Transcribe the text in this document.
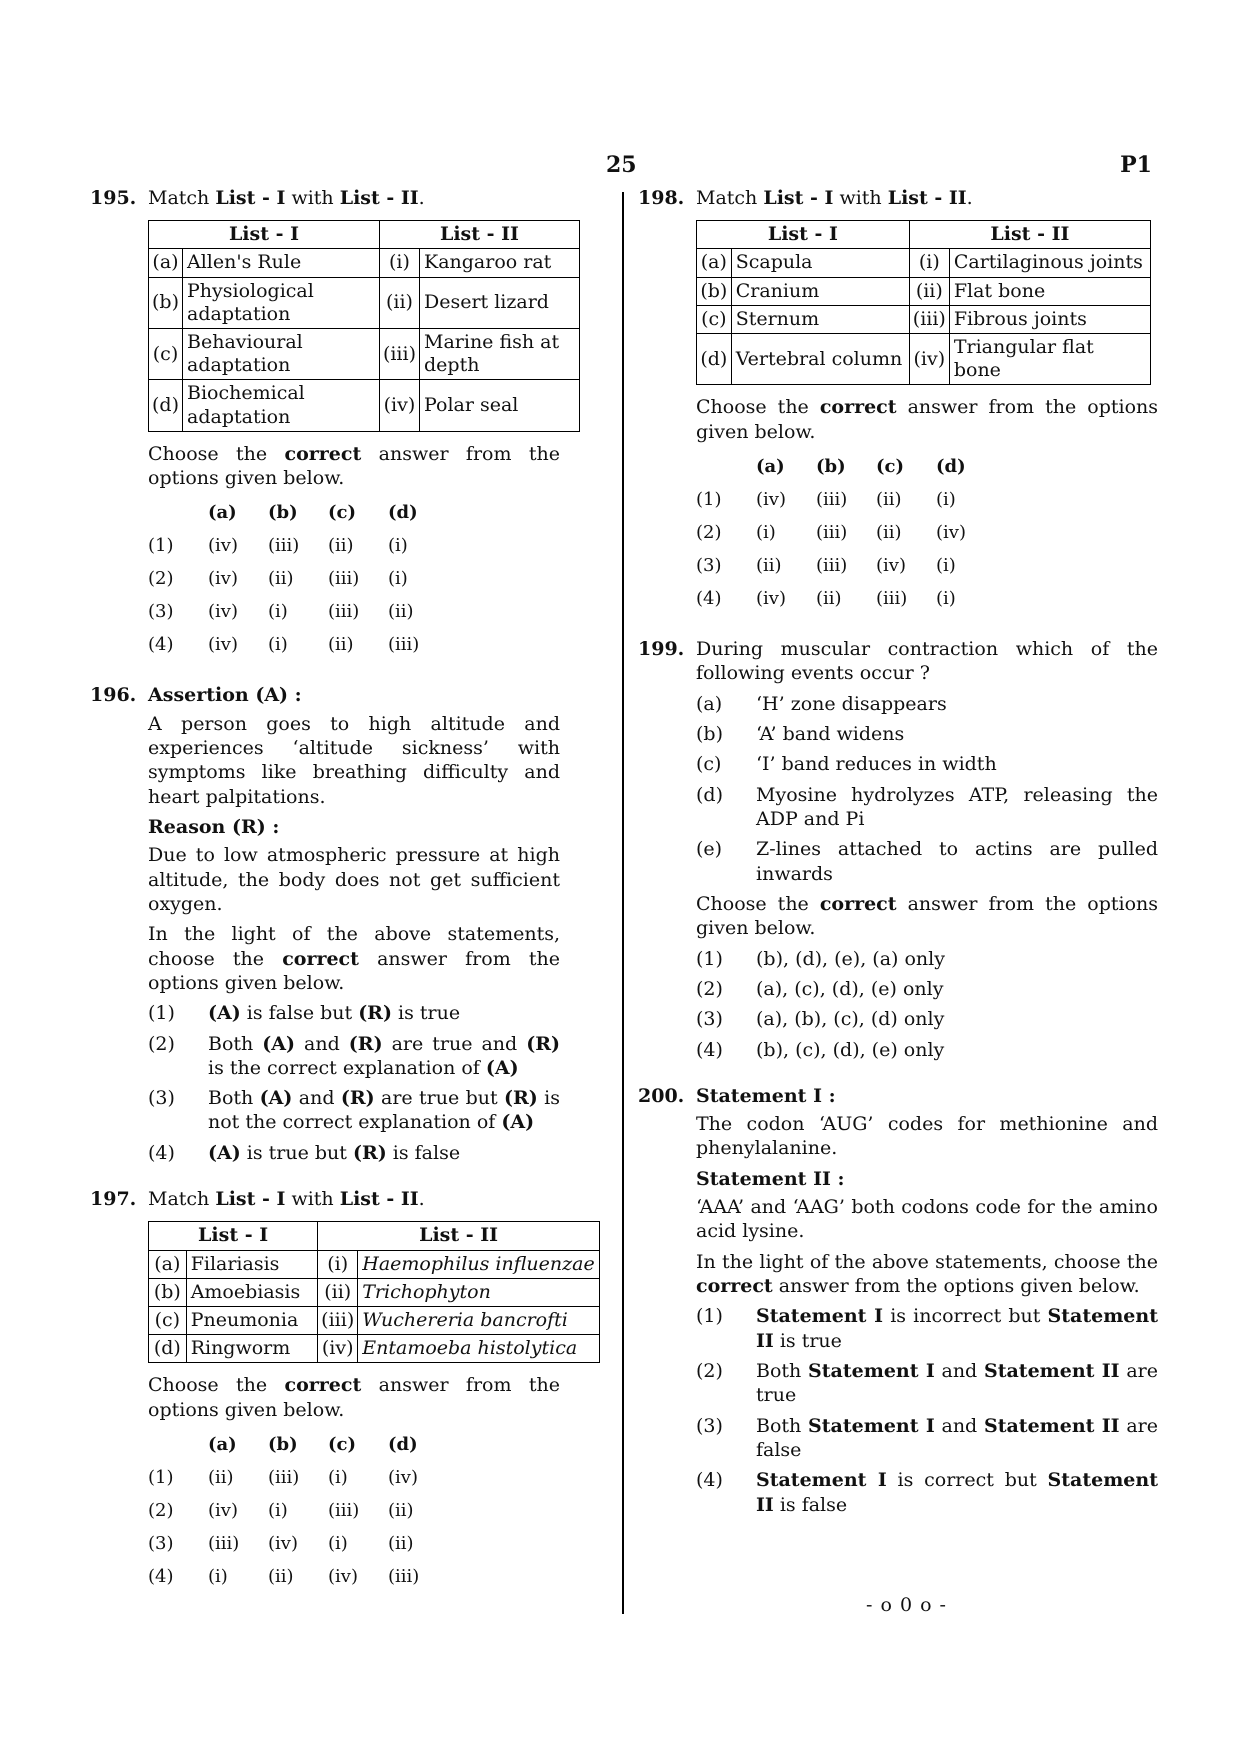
25	P1
195. Match List - I with List - II.
List - I		List - II	
(a)	Allen's Rule	(i)	Kangaroo rat
(b)	Physiological adaptation	(ii)	Desert lizard
(c)	Behavioural adaptation	(iii)	Marine fish at depth
(d)	Biochemical adaptation	(iv)	Polar seal
Choose the correct answer from the options given below.
	(a)	(b)	(c)	(d)
(1)	(iv)	(iii)	(ii)	(i)
(2)	(iv)	(ii)	(iii)	(i)
(3)	(iv)	(i)	(iii)	(ii)
(4)	(iv)	(i)	(ii)	(iii)
196. Assertion (A) :
A person goes to high altitude and experiences ‘altitude sickness’ with symptoms like breathing difficulty and heart palpitations.
Reason (R) :
Due to low atmospheric pressure at high altitude, the body does not get sufficient oxygen.
In the light of the above statements, choose the correct answer from the options given below.
(1) (A) is false but (R) is true
(2) Both (A) and (R) are true and (R) is the correct explanation of (A)
(3) Both (A) and (R) are true but (R) is not the correct explanation of (A)
(4) (A) is true but (R) is false
197. Match List - I with List - II.
List - I		List - II	
(a)	Filariasis	(i)	Haemophilus influenzae
(b)	Amoebiasis	(ii)	Trichophyton
(c)	Pneumonia	(iii)	Wuchereria bancrofti
(d)	Ringworm	(iv)	Entamoeba histolytica
Choose the correct answer from the options given below.
	(a)	(b)	(c)	(d)
(1)	(ii)	(iii)	(i)	(iv)
(2)	(iv)	(i)	(iii)	(ii)
(3)	(iii)	(iv)	(i)	(ii)
(4)	(i)	(ii)	(iv)	(iii)
198. Match List - I with List - II.
List - I		List - II	
(a)	Scapula	(i)	Cartilaginous joints
(b)	Cranium	(ii)	Flat bone
(c)	Sternum	(iii)	Fibrous joints
(d)	Vertebral column	(iv)	Triangular flat bone
Choose the correct answer from the options given below.
	(a)	(b)	(c)	(d)
(1)	(iv)	(iii)	(ii)	(i)
(2)	(i)	(iii)	(ii)	(iv)
(3)	(ii)	(iii)	(iv)	(i)
(4)	(iv)	(ii)	(iii)	(i)
199. During muscular contraction which of the following events occur ?
(a) ‘H’ zone disappears
(b) ‘A’ band widens
(c) ‘I’ band reduces in width
(d) Myosine hydrolyzes ATP, releasing the ADP and Pi
(e) Z-lines attached to actins are pulled inwards
Choose the correct answer from the options given below.
(1) (b), (d), (e), (a) only
(2) (a), (c), (d), (e) only
(3) (a), (b), (c), (d) only
(4) (b), (c), (d), (e) only
200. Statement I :
The codon ‘AUG’ codes for methionine and phenylalanine.
Statement II :
‘AAA’ and ‘AAG’ both codons code for the amino acid lysine.
In the light of the above statements, choose the correct answer from the options given below.
(1) Statement I is incorrect but Statement II is true
(2) Both Statement I and Statement II are true
(3) Both Statement I and Statement II are false
(4) Statement I is correct but Statement II is false
- o 0 o -
